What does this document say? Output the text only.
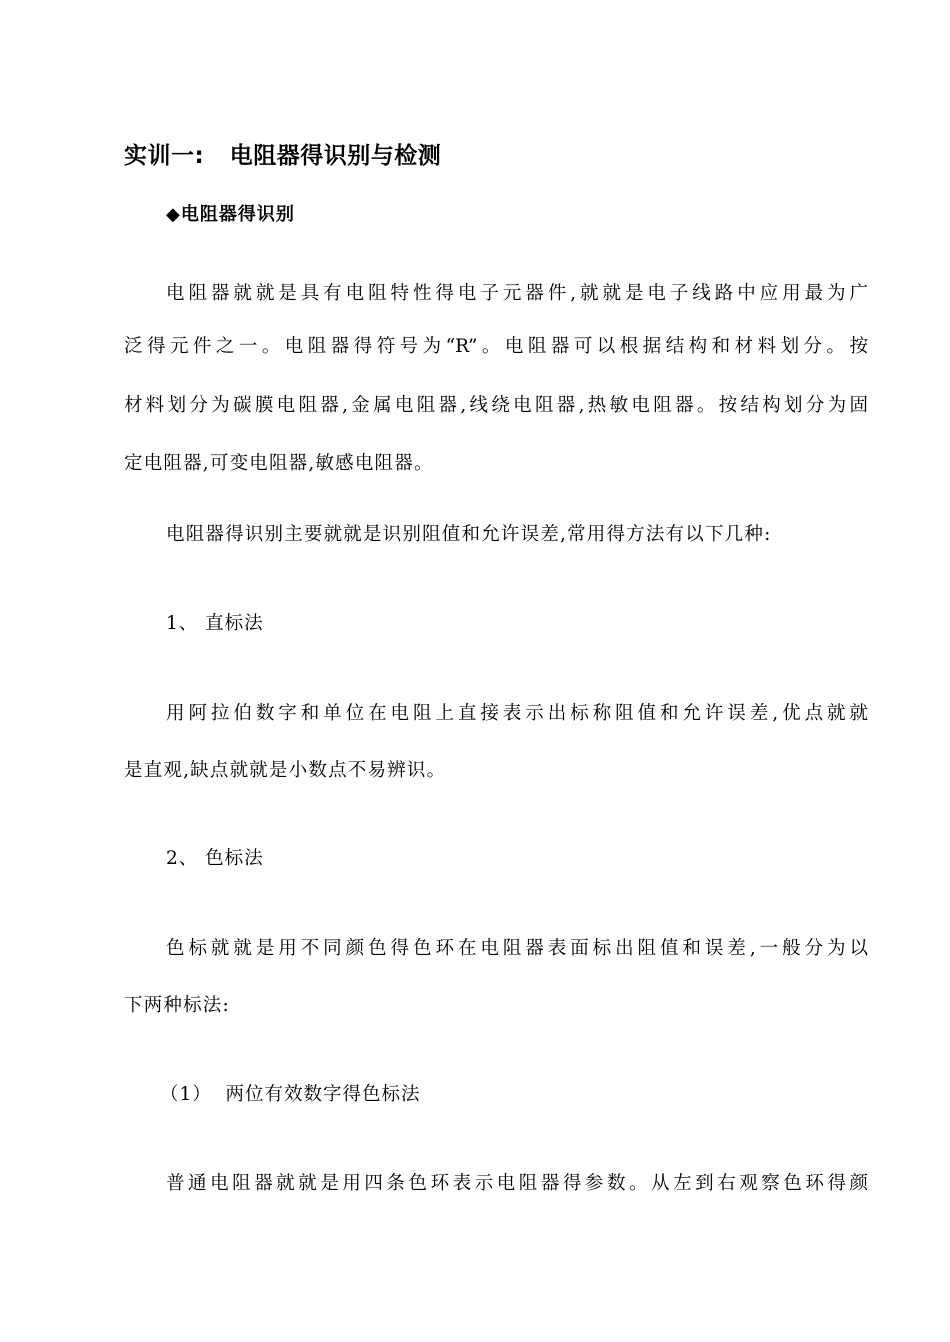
实训一:   电阻器得识别与检测
◆电阻器得识别
电阻器就就是具有电阻特性得电子元器件,就就是电子线路中应用最为广
泛得元件之一。电阻器得符号为“R”。电阻器可以根据结构和材料划分。按
材料划分为碳膜电阻器,金属电阻器,线绕电阻器,热敏电阻器。按结构划分为固
定电阻器,可变电阻器,敏感电阻器。
电阻器得识别主要就就是识别阻值和允许误差,常用得方法有以下几种:
1、 直标法
用阿拉伯数字和单位在电阻上直接表示出标称阻值和允许误差,优点就就
是直观,缺点就就是小数点不易辨识。
2、 色标法
色标就就是用不同颜色得色环在电阻器表面标出阻值和误差,一般分为以
下两种标法:
（1）  两位有效数字得色标法
普通电阻器就就是用四条色环表示电阻器得参数。从左到右观察色环得颜
